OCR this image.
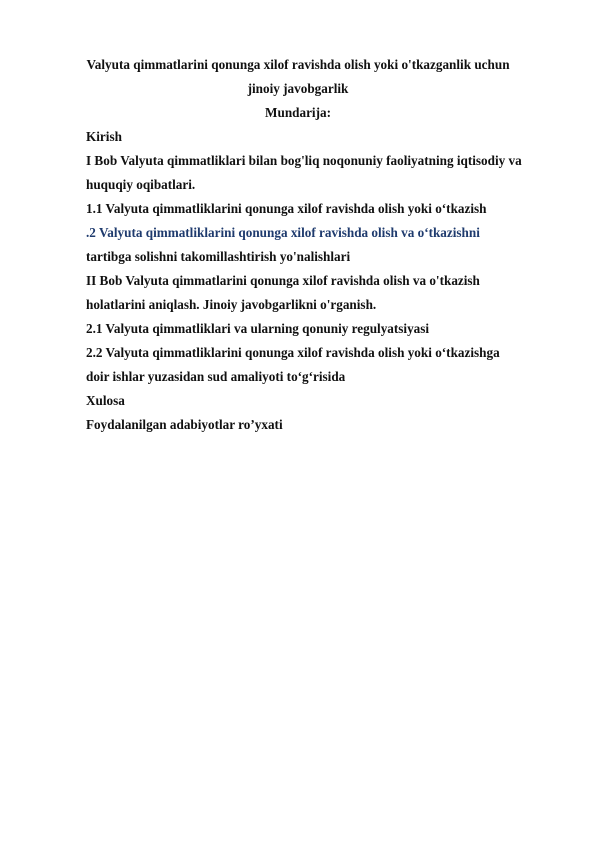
Valyuta qimmatlarini qonunga xilof ravishda olish yoki o'tkazganlik uchun
jinoiy javobgarlik
Mundarija:
Kirish
I Bob Valyuta qimmatliklari bilan bog'liq noqonuniy faoliyatning iqtisodiy va
huquqiy oqibatlari.
1.1 Valyuta qimmatliklarini qonunga xilof ravishda olish yoki o‘tkazish
.2 Valyuta qimmatliklarini qonunga xilof ravishda olish va o‘tkazishni
tartibga solishni takomillashtirish yo'nalishlari
II Bob Valyuta qimmatlarini qonunga xilof ravishda olish va o'tkazish
holatlarini aniqlash. Jinoiy javobgarlikni o'rganish.
2.1 Valyuta qimmatliklari va ularning qonuniy regulyatsiyasi
2.2 Valyuta qimmatliklarini qonunga xilof ravishda olish yoki o‘tkazishga
doir ishlar yuzasidan sud amaliyoti to‘g‘risida
Xulosa
Foydalanilgan adabiyotlar ro’yxati
